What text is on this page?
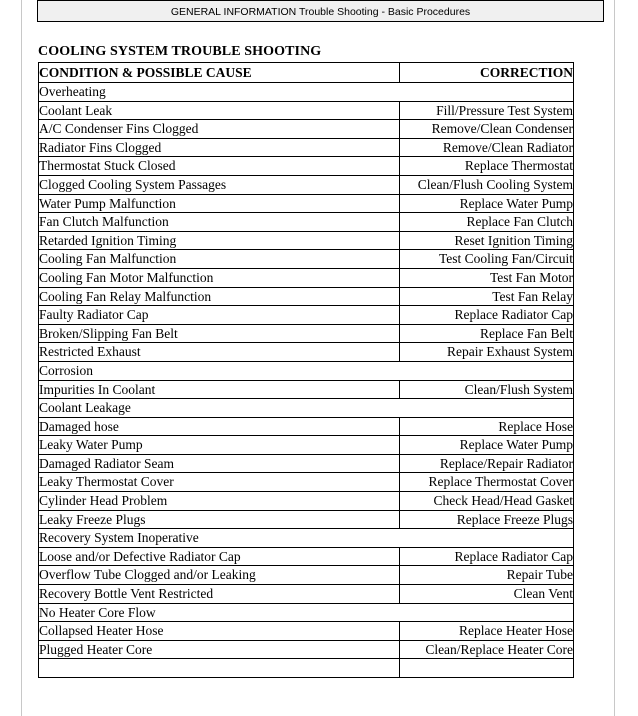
GENERAL INFORMATION Trouble Shooting - Basic Procedures
COOLING SYSTEM TROUBLE SHOOTING
CONDITION & POSSIBLE CAUSE	CORRECTION
Overheating	
Coolant Leak	Fill/Pressure Test System
A/C Condenser Fins Clogged	Remove/Clean Condenser
Radiator Fins Clogged	Remove/Clean Radiator
Thermostat Stuck Closed	Replace Thermostat
Clogged Cooling System Passages	Clean/Flush Cooling System
Water Pump Malfunction	Replace Water Pump
Fan Clutch Malfunction	Replace Fan Clutch
Retarded Ignition Timing	Reset Ignition Timing
Cooling Fan Malfunction	Test Cooling Fan/Circuit
Cooling Fan Motor Malfunction	Test Fan Motor
Cooling Fan Relay Malfunction	Test Fan Relay
Faulty Radiator Cap	Replace Radiator Cap
Broken/Slipping Fan Belt	Replace Fan Belt
Restricted Exhaust	Repair Exhaust System
Corrosion	
Impurities In Coolant	Clean/Flush System
Coolant Leakage	
Damaged hose	Replace Hose
Leaky Water Pump	Replace Water Pump
Damaged Radiator Seam	Replace/Repair Radiator
Leaky Thermostat Cover	Replace Thermostat Cover
Cylinder Head Problem	Check Head/Head Gasket
Leaky Freeze Plugs	Replace Freeze Plugs
Recovery System Inoperative	
Loose and/or Defective Radiator Cap	Replace Radiator Cap
Overflow Tube Clogged and/or Leaking	Repair Tube
Recovery Bottle Vent Restricted	Clean Vent
No Heater Core Flow	
Collapsed Heater Hose	Replace Heater Hose
Plugged Heater Core	Clean/Replace Heater Core
